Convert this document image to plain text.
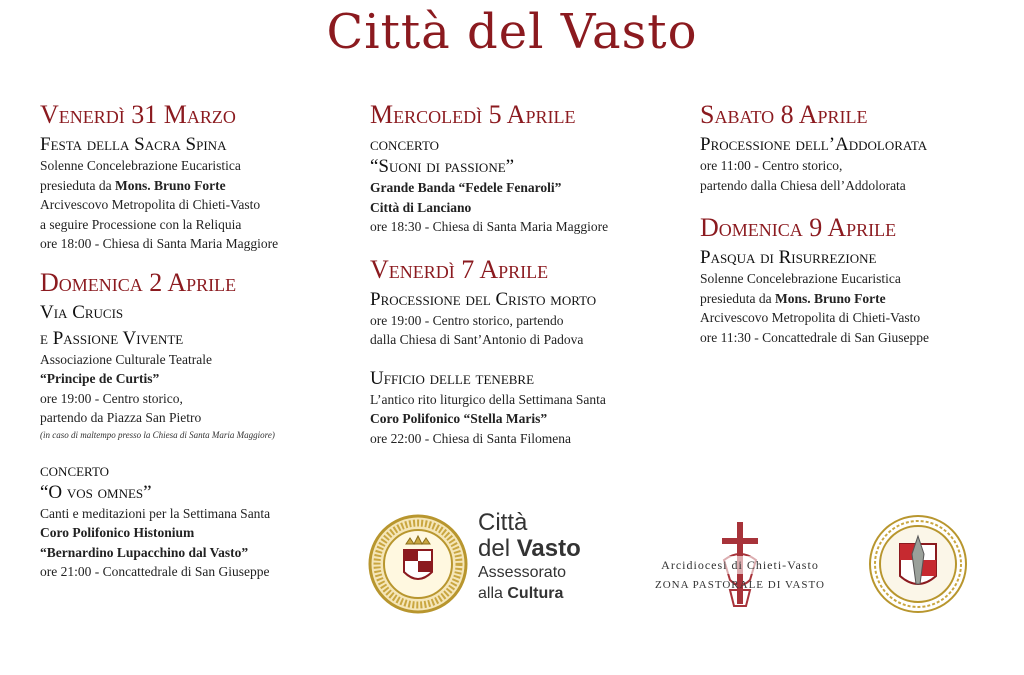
Città del Vasto
Venerdì 31 Marzo
Festa della Sacra Spina
Solenne Concelebrazione Eucaristica
presieduta da Mons. Bruno Forte
Arcivescovo Metropolita di Chieti-Vasto
a seguire Processione con la Reliquia
ore 18:00 - Chiesa di Santa Maria Maggiore
Domenica 2 Aprile
Via Crucis
e Passione Vivente
Associazione Culturale Teatrale
“Principe de Curtis”
ore 19:00 - Centro storico,
partendo da Piazza San Pietro
(in caso di maltempo presso la Chiesa di Santa Maria Maggiore)
concerto
“O vos omnes”
Canti e meditazioni per la Settimana Santa
Coro Polifonico Histonium
“Bernardino Lupacchino dal Vasto”
ore 21:00 - Concattedrale di San Giuseppe
Mercoledì 5 Aprile
concerto
“Suoni di passione”
Grande Banda “Fedele Fenaroli”
Città di Lanciano
ore 18:30 - Chiesa di Santa Maria Maggiore
Venerdì 7 Aprile
Processione del Cristo morto
ore 19:00 - Centro storico, partendo
dalla Chiesa di Sant’Antonio di Padova
Ufficio delle tenebre
L’antico rito liturgico della Settimana Santa
Coro Polifonico “Stella Maris”
ore 22:00 - Chiesa di Santa Filomena
Sabato 8 Aprile
Processione dell’Addolorata
ore 11:00 - Centro storico,
partendo dalla Chiesa dell’Addolorata
Domenica 9 Aprile
Pasqua di Risurrezione
Solenne Concelebrazione Eucaristica
presieduta da Mons. Bruno Forte
Arcivescovo Metropolita di Chieti-Vasto
ore 11:30 - Concattedrale di San Giuseppe
Città
del Vasto
Assessorato
alla Cultura
Arcidiocesi di Chieti-Vasto
ZONA PASTORALE DI VASTO
